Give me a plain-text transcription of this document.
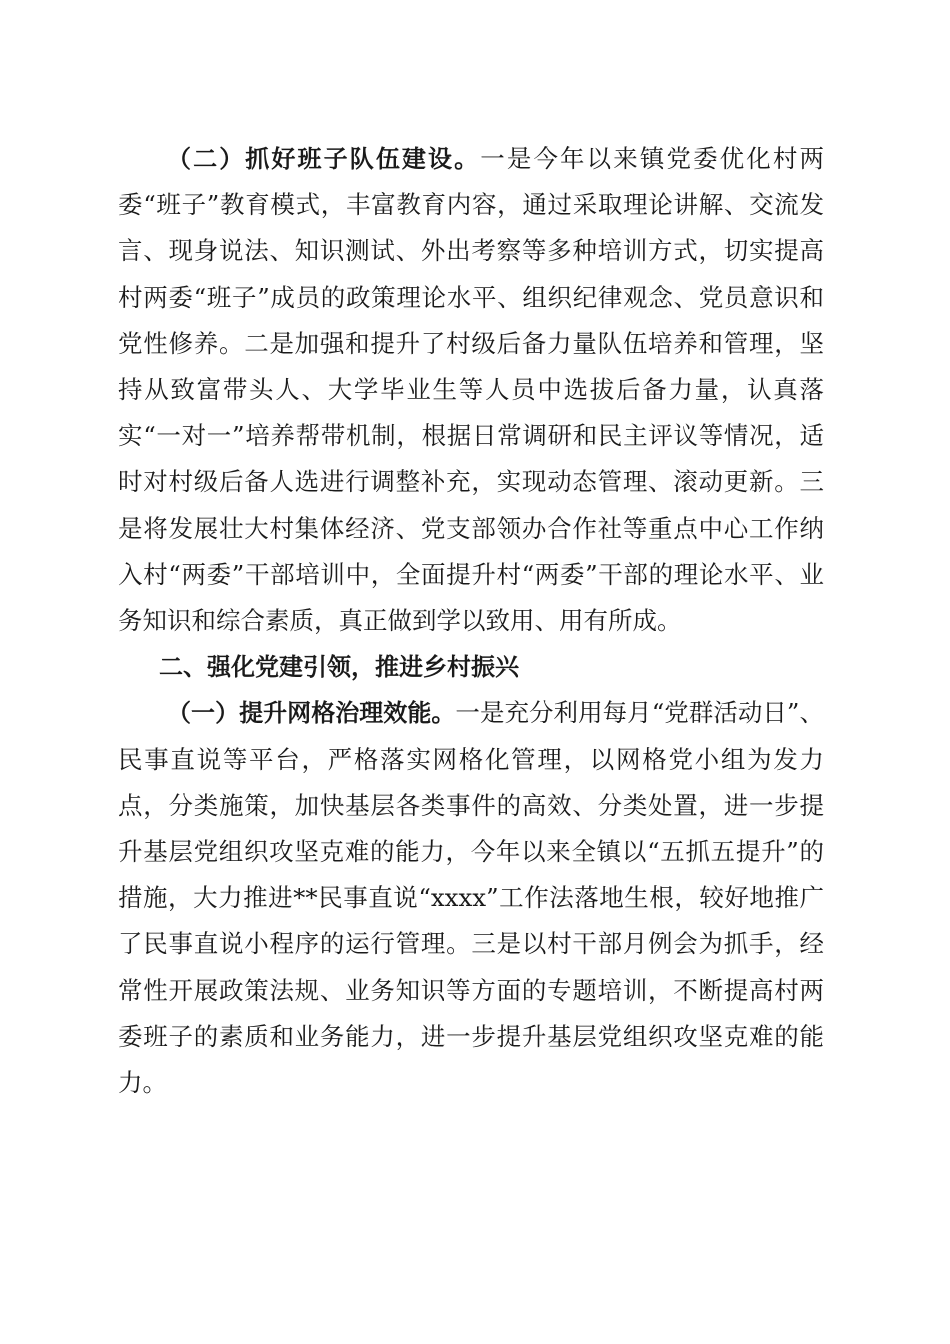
（二）抓好班子队伍建设。一是今年以来镇党委优化村两委“班子”教育模式，丰富教育内容，通过采取理论讲解、交流发言、现身说法、知识测试、外出考察等多种培训方式，切实提高村两委“班子”成员的政策理论水平、组织纪律观念、党员意识和党性修养。二是加强和提升了村级后备力量队伍培养和管理，坚持从致富带头人、大学毕业生等人员中选拔后备力量，认真落实“一对一”培养帮带机制，根据日常调研和民主评议等情况，适时对村级后备人选进行调整补充，实现动态管理、滚动更新。三是将发展壮大村集体经济、党支部领办合作社等重点中心工作纳入村“两委”干部培训中，全面提升村“两委”干部的理论水平、业务知识和综合素质，真正做到学以致用、用有所成。

二、强化党建引领，推进乡村振兴

（一）提升网格治理效能。一是充分利用每月“党群活动日”、民事直说等平台，严格落实网格化管理，以网格党小组为发力点，分类施策，加快基层各类事件的高效、分类处置，进一步提升基层党组织攻坚克难的能力，今年以来全镇以“五抓五提升”的措施，大力推进**民事直说“xxxx”工作法落地生根，较好地推广了民事直说小程序的运行管理。三是以村干部月例会为抓手，经常性开展政策法规、业务知识等方面的专题培训，不断提高村两委班子的素质和业务能力，进一步提升基层党组织攻坚克难的能力。
